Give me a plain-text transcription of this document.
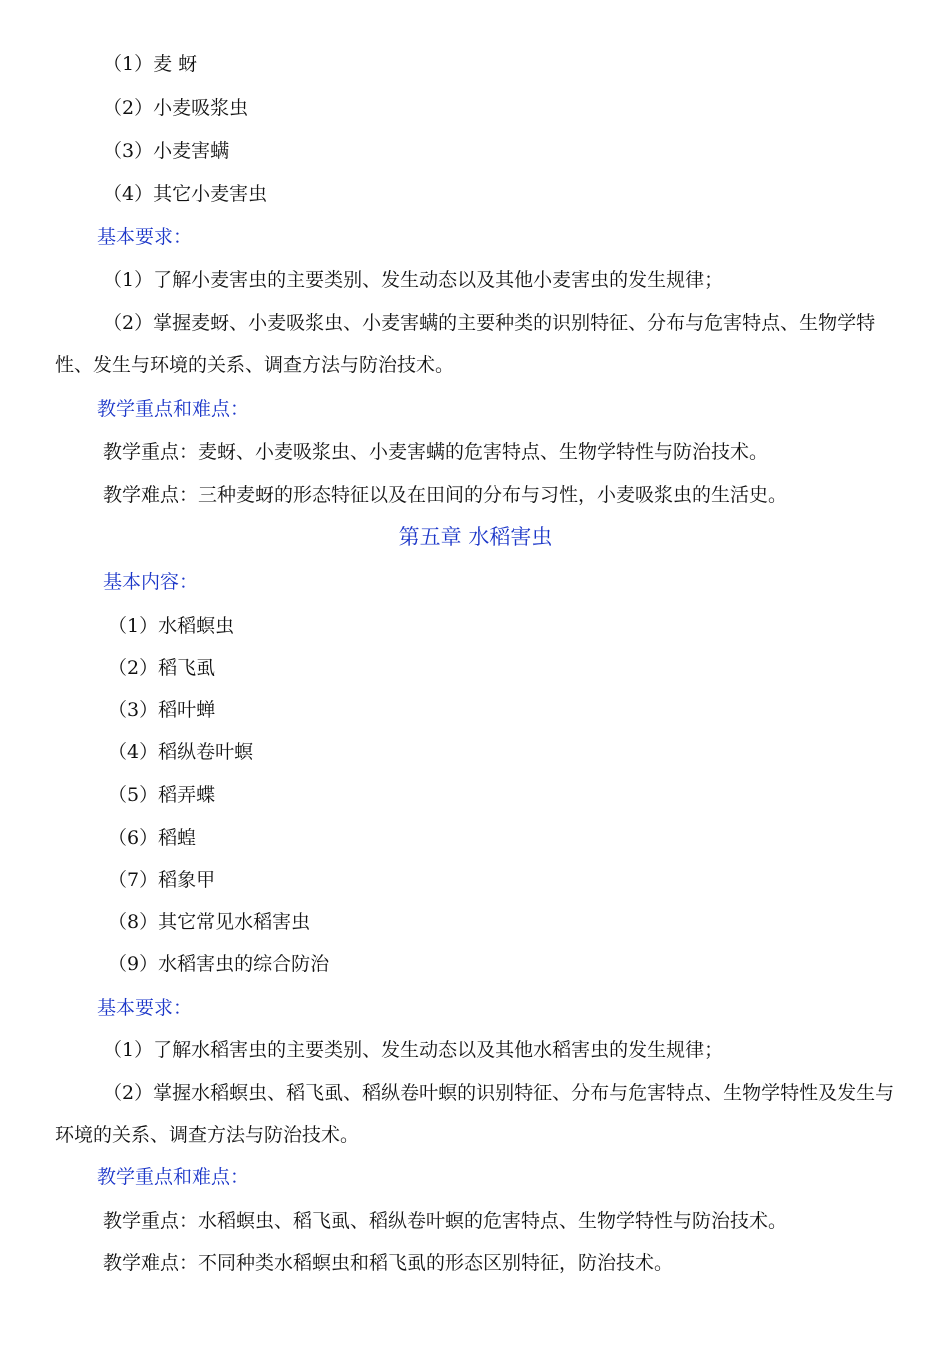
（1）麦 蚜
（2）小麦吸浆虫
（3）小麦害螨
（4）其它小麦害虫
基本要求：
（1）了解小麦害虫的主要类别、发生动态以及其他小麦害虫的发生规律；
（2）掌握麦蚜、小麦吸浆虫、小麦害螨的主要种类的识别特征、分布与危害特点、生物学特性、发生与环境的关系、调查方法与防治技术。
教学重点和难点：
教学重点：麦蚜、小麦吸浆虫、小麦害螨的危害特点、生物学特性与防治技术。
教学难点：三种麦蚜的形态特征以及在田间的分布与习性，小麦吸浆虫的生活史。
第五章 水稻害虫
基本内容：
（1）水稻螟虫
（2）稻飞虱
（3）稻叶蝉
（4）稻纵卷叶螟
（5）稻弄蝶
（6）稻蝗
（7）稻象甲
（8）其它常见水稻害虫
（9）水稻害虫的综合防治
基本要求：
（1）了解水稻害虫的主要类别、发生动态以及其他水稻害虫的发生规律；
（2）掌握水稻螟虫、稻飞虱、稻纵卷叶螟的识别特征、分布与危害特点、生物学特性及发生与环境的关系、调查方法与防治技术。
教学重点和难点：
教学重点：水稻螟虫、稻飞虱、稻纵卷叶螟的危害特点、生物学特性与防治技术。
教学难点：不同种类水稻螟虫和稻飞虱的形态区别特征，防治技术。
